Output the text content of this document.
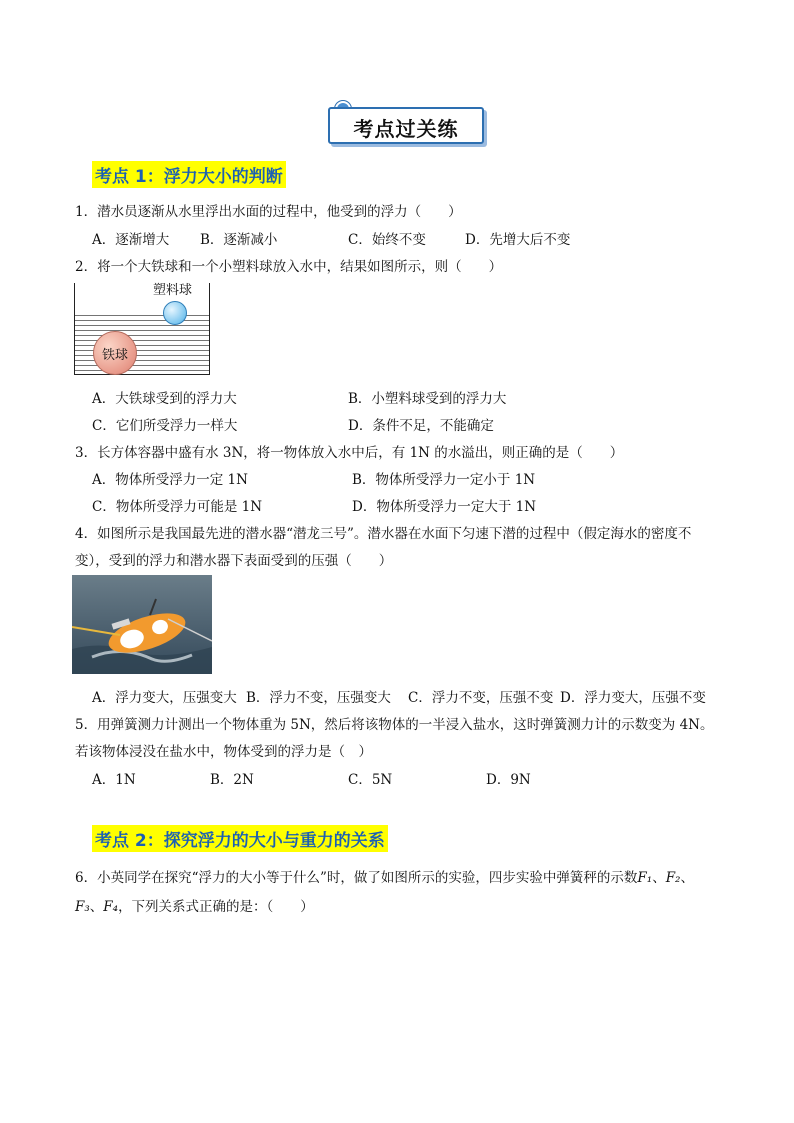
考点过关练
考点 1：浮力大小的判断
1．潜水员逐渐从水里浮出水面的过程中，他受到的浮力（　　）
A．逐渐增大 B．逐渐减小	C．始终不变	D．先增大后不变
2．将一个大铁球和一个小塑料球放入水中，结果如图所示，则（　　）
塑料球
铁球
A．大铁球受到的浮力大	B．小塑料球受到的浮力大
C．它们所受浮力一样大	D．条件不足，不能确定
3．长方体容器中盛有水 3N，将一物体放入水中后，有 1N 的水溢出，则正确的是（　　）
A．物体所受浮力一定 1N	B．物体所受浮力一定小于 1N
C．物体所受浮力可能是 1N	D．物体所受浮力一定大于 1N
4．如图所示是我国最先进的潜水器“潜龙三号”。潜水器在水面下匀速下潜的过程中（假定海水的密度不
变），受到的浮力和潜水器下表面受到的压强（　　）
A．浮力变大，压强变大 B．浮力不变，压强变大 C．浮力不变，压强不变 D．浮力变大，压强不变
5．用弹簧测力计测出一个物体重为 5N，然后将该物体的一半浸入盐水，这时弹簧测力计的示数变为 4N。
若该物体浸没在盐水中，物体受到的浮力是（　）
A．1N	B．2N	C．5N	D．9N
考点 2：探究浮力的大小与重力的关系
6．小英同学在探究“浮力的大小等于什么”时，做了如图所示的实验，四步实验中弹簧秤的示数F₁、F₂、
F₃、F₄，下列关系式正确的是：（　　）
